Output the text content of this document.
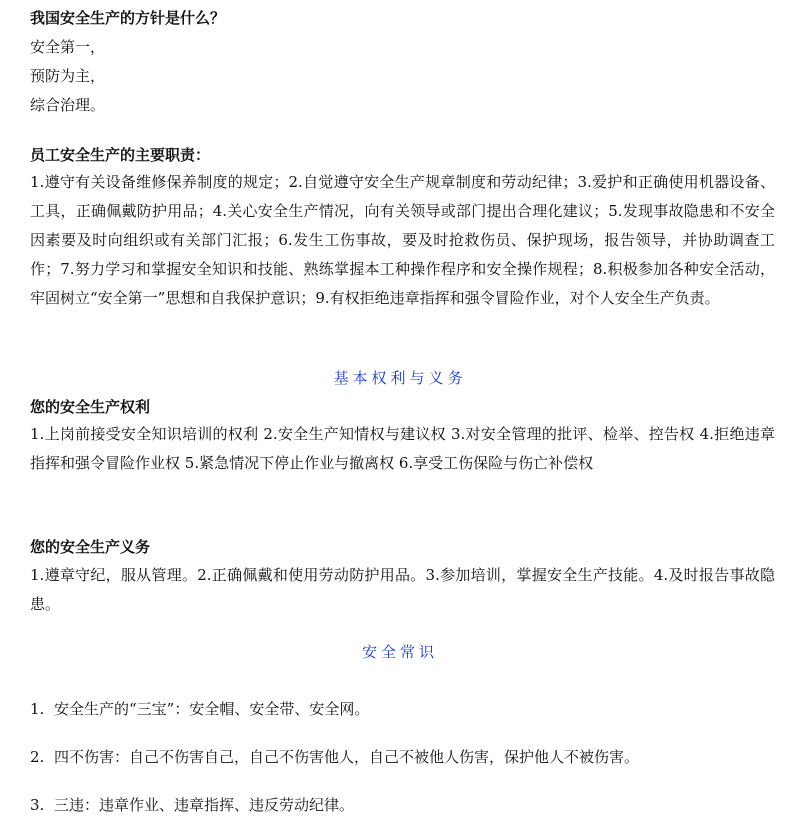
我国安全生产的方针是什么？
安全第一，
预防为主，
综合治理。
员工安全生产的主要职责：
1.遵守有关设备维修保养制度的规定；2.自觉遵守安全生产规章制度和劳动纪律；3.爱护和正确使用机器设备、工具，正确佩戴防护用品；4.关心安全生产情况，向有关领导或部门提出合理化建议；5.发现事故隐患和不安全因素要及时向组织或有关部门汇报；6.发生工伤事故，要及时抢救伤员、保护现场，报告领导，并协助调查工作；7.努力学习和掌握安全知识和技能、熟练掌握本工种操作程序和安全操作规程；8.积极参加各种安全活动，牢固树立“安全第一”思想和自我保护意识；9.有权拒绝违章指挥和强令冒险作业，对个人安全生产负责。
基本权利与义务
您的安全生产权利
1.上岗前接受安全知识培训的权利 2.安全生产知情权与建议权 3.对安全管理的批评、检举、控告权 4.拒绝违章指挥和强令冒险作业权 5.紧急情况下停止作业与撤离权 6.享受工伤保险与伤亡补偿权
您的安全生产义务
1.遵章守纪，服从管理。2.正确佩戴和使用劳动防护用品。3.参加培训，掌握安全生产技能。4.及时报告事故隐患。
安全常识
1. 安全生产的“三宝”：安全帽、安全带、安全网。
2. 四不伤害：自己不伤害自己，自己不伤害他人，自己不被他人伤害，保护他人不被伤害。
3. 三违：违章作业、违章指挥、违反劳动纪律。
